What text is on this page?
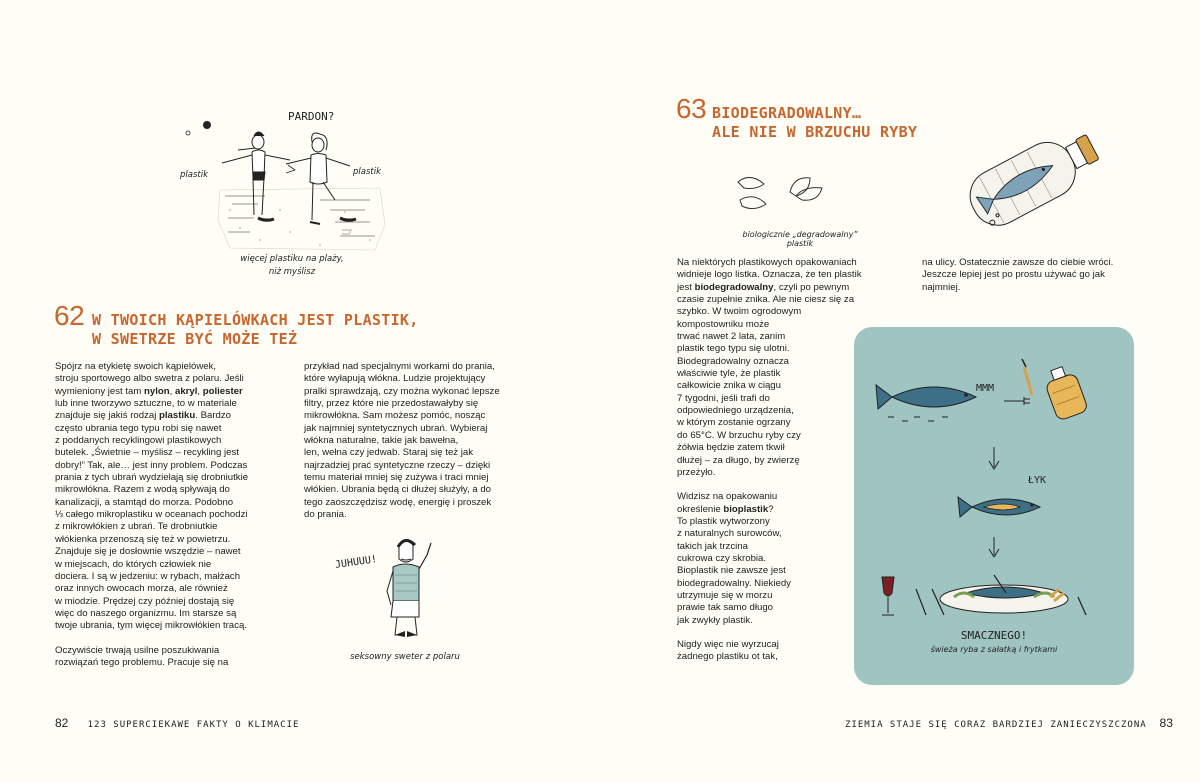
PARDON?
plastik	plastik
więcej plastiku na plaży,
niż myślisz
62 W TWOICH KĄPIELÓWKACH JEST PLASTIK,
W SWETRZE BYĆ MOŻE TEŻ

Spójrz na etykietę swoich kąpielówek,
stroju sportowego albo swetra z polaru. Jeśli
wymieniony jest tam nylon, akryl, poliester
lub inne tworzywo sztuczne, to w materiale
znajduje się jakiś rodzaj plastiku. Bardzo
często ubrania tego typu robi się nawet
z poddanych recyklingowi plastikowych
butelek. „Świetnie – myślisz – recykling jest
dobry!” Tak, ale… jest inny problem. Podczas
prania z tych ubrań wydzielają się drobniutkie
mikrowłókna. Razem z wodą spływają do
kanalizacji, a stamtąd do morza. Podobno
⅓ całego mikroplastiku w oceanach pochodzi
z mikrowłókien z ubrań. Te drobniutkie
włókienka przenoszą się też w powietrzu.
Znajduje się je dosłownie wszędzie – nawet
w miejscach, do których człowiek nie
dociera. I są w jedzeniu: w rybach, małżach
oraz innych owocach morza, ale również
w miodzie. Prędzej czy później dostają się
więc do naszego organizmu. Im starsze są
twoje ubrania, tym więcej mikrowłókien tracą.

Oczywiście trwają usilne poszukiwania
rozwiązań tego problemu. Pracuje się na

przykład nad specjalnymi workami do prania,
które wyłapują włókna. Ludzie projektujący
pralki sprawdzają, czy można wykonać lepsze
filtry, przez które nie przedostawałyby się
mikrowłókna. Sam możesz pomóc, nosząc
jak najmniej syntetycznych ubrań. Wybieraj
włókna naturalne, takie jak bawełna,
len, wełna czy jedwab. Staraj się też jak
najrzadziej prać syntetyczne rzeczy – dzięki
temu materiał mniej się zużywa i traci mniej
włókien. Ubrania będą ci dłużej służyły, a do
tego zaoszczędzisz wodę, energię i proszek
do prania.

JUHUUU!
seksowny sweter z polaru
82 123 SUPERCIEKAWE FAKTY O KLIMACIE
63 BIODEGRADOWALNY…
ALE NIE W BRZUCHU RYBY
biologicznie „degradowalny” plastik

Na niektórych plastikowych opakowaniach
widnieje logo listka. Oznacza, że ten plastik
jest biodegradowalny, czyli po pewnym
czasie zupełnie znika. Ale nie ciesz się za
szybko. W twoim ogrodowym
kompostowniku może
trwać nawet 2 lata, zanim
plastik tego typu się ulotni.
Biodegradowalny oznacza
właściwie tyle, że plastik
całkowicie znika w ciągu
7 tygodni, jeśli trafi do
odpowiedniego urządzenia,
w którym zostanie ogrzany
do 65°C. W brzuchu ryby czy
żółwia będzie zatem tkwił
dłużej – za długo, by zwierzę
przeżyło.

Widzisz na opakowaniu
określenie bioplastik?
To plastik wytworzony
z naturalnych surowców,
takich jak trzcina
cukrowa czy skrobia.
Bioplastik nie zawsze jest
biodegradowalny. Niekiedy
utrzymuje się w morzu
prawie tak samo długo
jak zwykły plastik.

Nigdy więc nie wyrzucaj
żadnego plastiku ot tak,

na ulicy. Ostatecznie zawsze do ciebie wróci.
Jeszcze lepiej jest po prostu używać go jak
najmniej.

MMM
ŁYK
SMACZNEGO!
świeża ryba z sałatką i frytkami
ZIEMIA STAJE SIĘ CORAZ BARDZIEJ ZANIECZYSZCZONA 83
